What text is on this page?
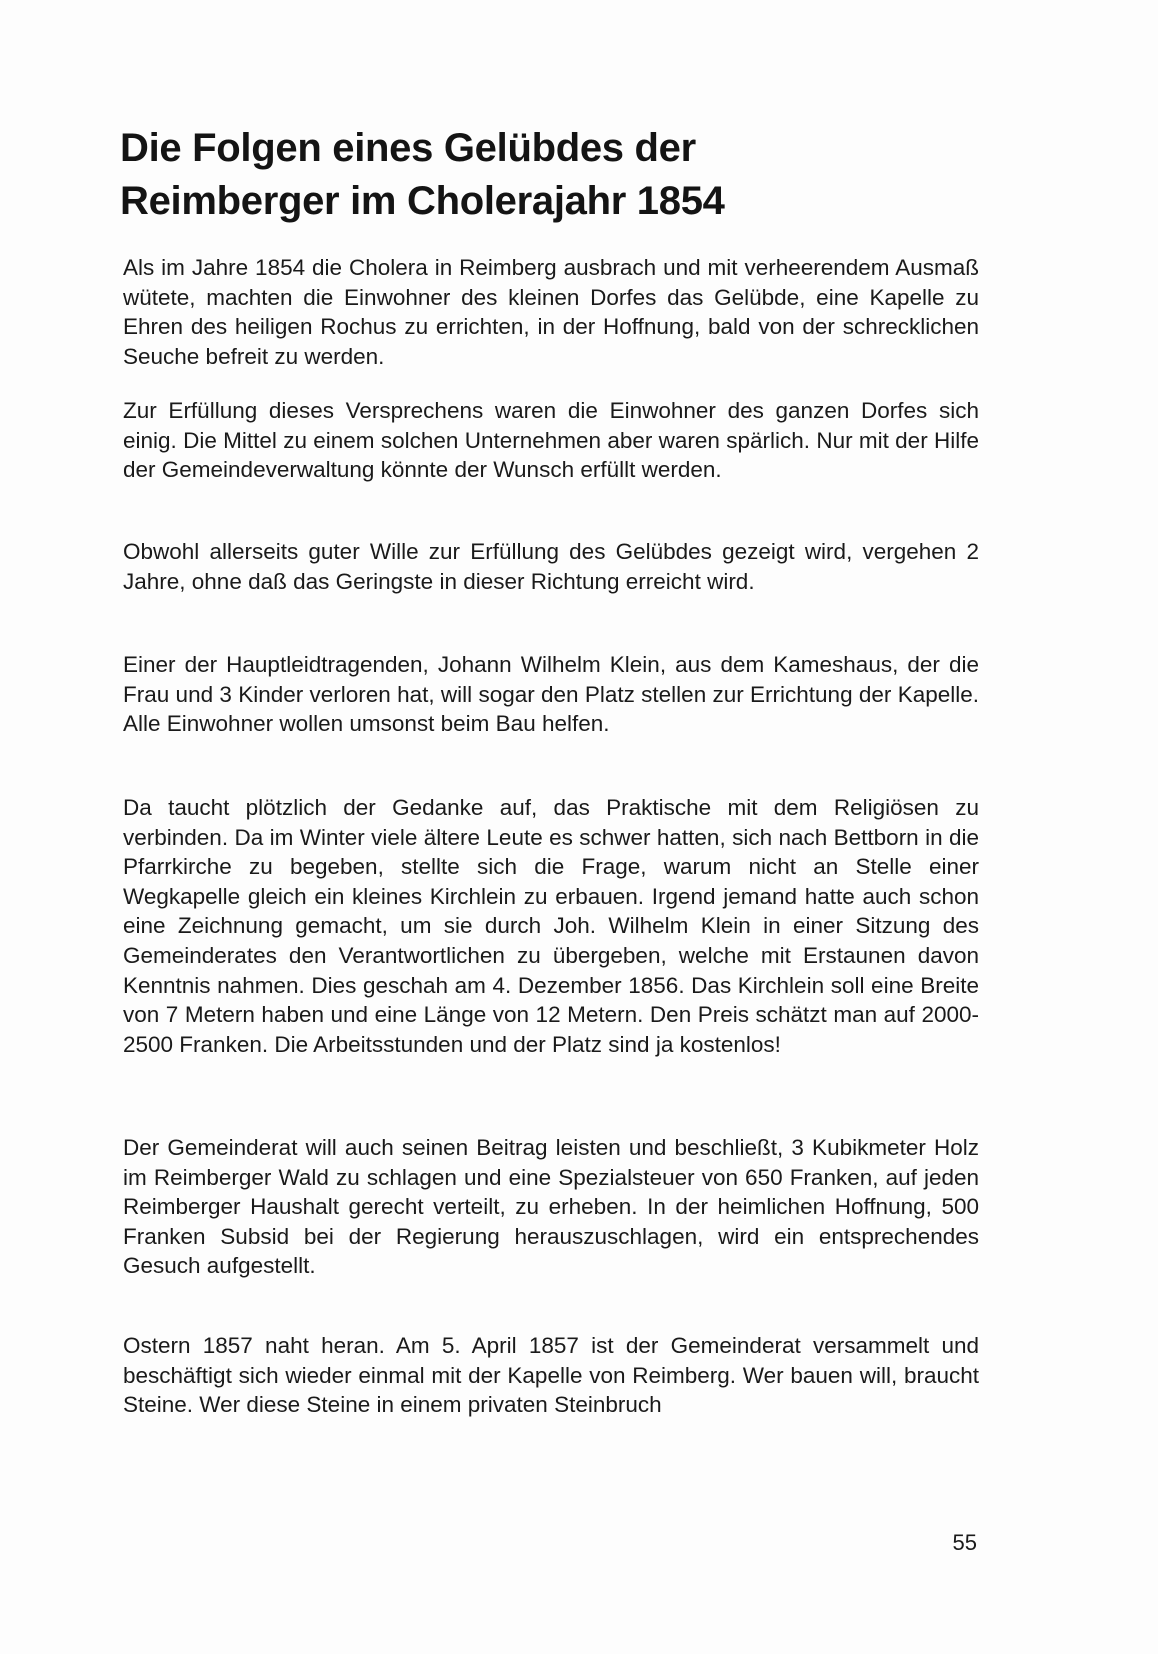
Die Folgen eines Gelübdes der
Reimberger im Cholerajahr 1854

Als im Jahre 1854 die Cholera in Reimberg ausbrach und mit verheerendem Ausmaß wütete, machten die Einwohner des kleinen Dorfes das Gelübde, eine Kapelle zu Ehren des heiligen Rochus zu errichten, in der Hoffnung, bald von der schrecklichen Seuche befreit zu werden.

Zur Erfüllung dieses Versprechens waren die Einwohner des ganzen Dorfes sich einig. Die Mittel zu einem solchen Unternehmen aber waren spärlich. Nur mit der Hilfe der Gemeindeverwaltung könnte der Wunsch erfüllt werden.

Obwohl allerseits guter Wille zur Erfüllung des Gelübdes gezeigt wird, vergehen 2 Jahre, ohne daß das Geringste in dieser Richtung erreicht wird.

Einer der Hauptleidtragenden, Johann Wilhelm Klein, aus dem Kameshaus, der die Frau und 3 Kinder verloren hat, will sogar den Platz stellen zur Errichtung der Kapelle. Alle Einwohner wollen umsonst beim Bau helfen.

Da taucht plötzlich der Gedanke auf, das Praktische mit dem Religiösen zu verbinden. Da im Winter viele ältere Leute es schwer hatten, sich nach Bettborn in die Pfarrkirche zu begeben, stellte sich die Frage, warum nicht an Stelle einer Wegkapelle gleich ein kleines Kirchlein zu erbauen. Irgend jemand hatte auch schon eine Zeichnung gemacht, um sie durch Joh. Wilhelm Klein in einer Sitzung des Gemeinderates den Verantwortlichen zu übergeben, welche mit Erstaunen davon Kenntnis nahmen. Dies geschah am 4. Dezember 1856. Das Kirchlein soll eine Breite von 7 Metern haben und eine Länge von 12 Metern. Den Preis schätzt man auf 2000-2500 Franken. Die Arbeitsstunden und der Platz sind ja kostenlos!

Der Gemeinderat will auch seinen Beitrag leisten und beschließt, 3 Kubikmeter Holz im Reimberger Wald zu schlagen und eine Spezialsteuer von 650 Franken, auf jeden Reimberger Haushalt gerecht verteilt, zu erheben. In der heimlichen Hoffnung, 500 Franken Subsid bei der Regierung herauszuschlagen, wird ein entsprechendes Gesuch aufgestellt.

Ostern 1857 naht heran. Am 5. April 1857 ist der Gemeinderat versammelt und beschäftigt sich wieder einmal mit der Kapelle von Reimberg. Wer bauen will, braucht Steine. Wer diese Steine in einem privaten Steinbruch

55
